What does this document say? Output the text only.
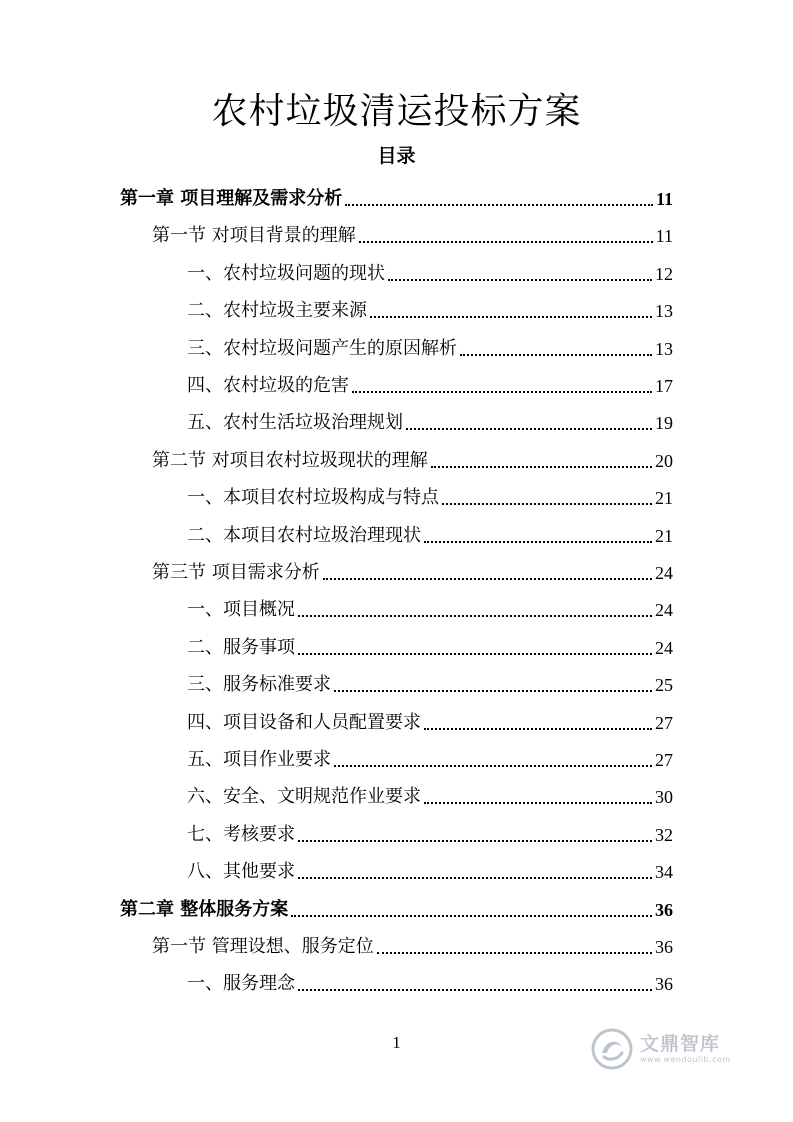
农村垃圾清运投标方案
目录
第一章 项目理解及需求分析	11
第一节 对项目背景的理解	11
一、农村垃圾问题的现状	12
二、农村垃圾主要来源	13
三、农村垃圾问题产生的原因解析	13
四、农村垃圾的危害	17
五、农村生活垃圾治理规划	19
第二节 对项目农村垃圾现状的理解	20
一、本项目农村垃圾构成与特点	21
二、本项目农村垃圾治理现状	21
第三节 项目需求分析	24
一、项目概况	24
二、服务事项	24
三、服务标准要求	25
四、项目设备和人员配置要求	27
五、项目作业要求	27
六、安全、文明规范作业要求	30
七、考核要求	32
八、其他要求	34
第二章 整体服务方案	36
第一节 管理设想、服务定位	36
一、服务理念	36
1	文鼎智库
www.wendoulib.com
